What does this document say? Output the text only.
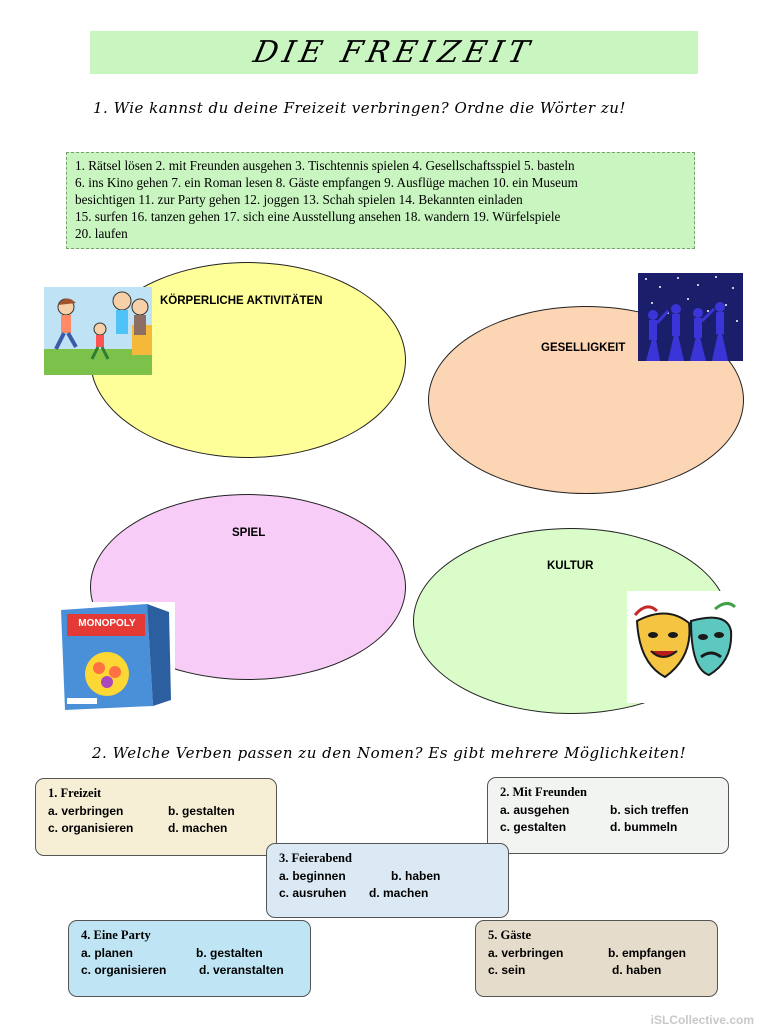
DIE FREIZEIT
1. Wie kannst du deine Freizeit verbringen? Ordne die Wörter zu!
1. Rätsel lösen 2. mit Freunden ausgehen 3. Tischtennis spielen 4. Gesellschaftsspiel 5. basteln
6. ins Kino gehen 7. ein Roman lesen 8. Gäste empfangen 9. Ausflüge machen 10. ein Museum
besichtigen 11. zur Party gehen 12. joggen 13. Schah spielen 14. Bekannten einladen
15. surfen 16. tanzen gehen 17. sich eine Ausstellung ansehen 18. wandern 19. Würfelspiele
20. laufen
KÖRPERLICHE AKTIVITÄTEN
GESELLIGKEIT
SPIEL
KULTUR
MONOPOLY
2. Welche Verben passen zu den Nomen? Es gibt mehrere Möglichkeiten!
1. Freizeit
a. verbringen	b. gestalten
c. organisieren	d. machen
2. Mit Freunden
a. ausgehen	b. sich treffen
c. gestalten	d. bummeln
3. Feierabend
a. beginnen	b. haben
c. ausruhen	d. machen
4. Eine Party
a. planen	b. gestalten
c. organisieren	d. veranstalten
5. Gäste
a. verbringen	b. empfangen
c. sein	d. haben
iSLCollective.com
